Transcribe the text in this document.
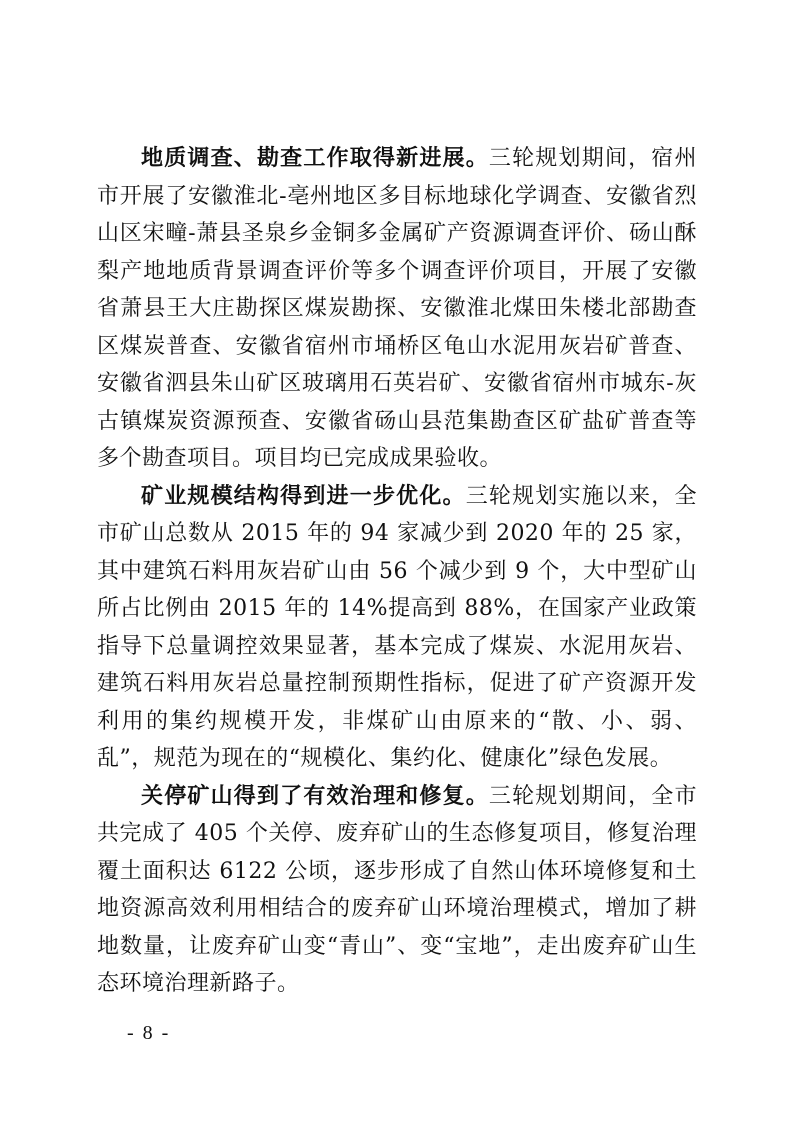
地质调查、勘查工作取得新进展。三轮规划期间，宿州市开展了安徽淮北-亳州地区多目标地球化学调查、安徽省烈山区宋疃-萧县圣泉乡金铜多金属矿产资源调查评价、砀山酥梨产地地质背景调查评价等多个调查评价项目，开展了安徽省萧县王大庄勘探区煤炭勘探、安徽淮北煤田朱楼北部勘查区煤炭普查、安徽省宿州市埇桥区龟山水泥用灰岩矿普查、安徽省泗县朱山矿区玻璃用石英岩矿、安徽省宿州市城东-灰古镇煤炭资源预查、安徽省砀山县范集勘查区矿盐矿普查等多个勘查项目。项目均已完成成果验收。

矿业规模结构得到进一步优化。三轮规划实施以来，全市矿山总数从 2015 年的 94 家减少到 2020 年的 25 家，其中建筑石料用灰岩矿山由 56 个减少到 9 个，大中型矿山所占比例由 2015 年的 14%提高到 88%，在国家产业政策指导下总量调控效果显著，基本完成了煤炭、水泥用灰岩、建筑石料用灰岩总量控制预期性指标，促进了矿产资源开发利用的集约规模开发，非煤矿山由原来的“散、小、弱、乱”，规范为现在的“规模化、集约化、健康化”绿色发展。

关停矿山得到了有效治理和修复。三轮规划期间，全市共完成了 405 个关停、废弃矿山的生态修复项目，修复治理覆土面积达 6122 公顷，逐步形成了自然山体环境修复和土地资源高效利用相结合的废弃矿山环境治理模式，增加了耕地数量，让废弃矿山变“青山”、变“宝地”，走出废弃矿山生态环境治理新路子。

- 8 -
